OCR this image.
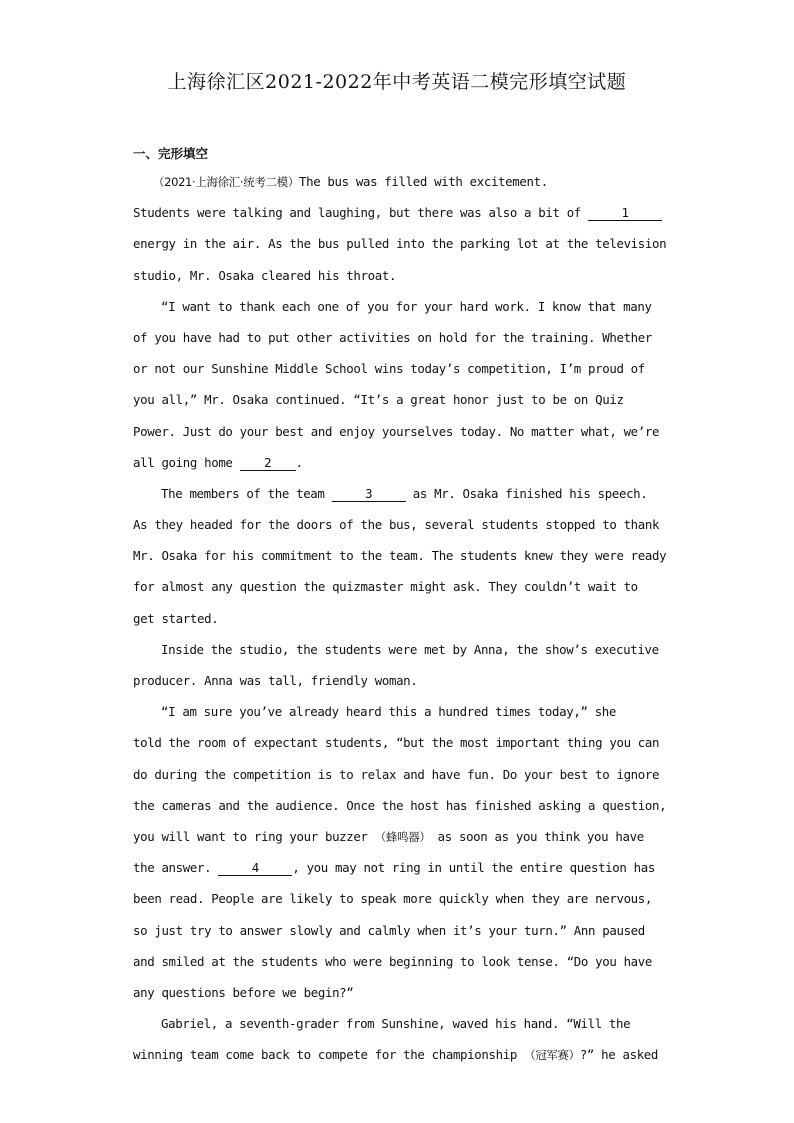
上海徐汇区2021-2022年中考英语二模完形填空试题
一、完形填空
（2021·上海徐汇·统考二模）The bus was filled with excitement.
Students were talking and laughing, but there was also a bit of	1
energy in the air. As the bus pulled into the parking lot at the television
studio, Mr. Osaka cleared his throat.
“I want to thank each one of you for your hard work. I know that many
of you have had to put other activities on hold for the training. Whether
or not our Sunshine Middle School wins today’s competition, I’m proud of
you all,” Mr. Osaka continued. “It’s a great honor just to be on Quiz
Power. Just do your best and enjoy yourselves today. No matter what, we’re
all going home	2 .
The members of the team	3	as Mr. Osaka finished his speech.
As they headed for the doors of the bus, several students stopped to thank
Mr. Osaka for his commitment to the team. The students knew they were ready
for almost any question the quizmaster might ask. They couldn’t wait to
get started.
Inside the studio, the students were met by Anna, the show’s executive
producer. Anna was tall, friendly woman.
“I am sure you’ve already heard this a hundred times today,” she
told the room of expectant students, “but the most important thing you can
do during the competition is to relax and have fun. Do your best to ignore
the cameras and the audience. Once the host has finished asking a question,
you will want to ring your buzzer （蜂鸣器） as soon as you think you have
the answer.	4	, you may not ring in until the entire question has
been read. People are likely to speak more quickly when they are nervous,
so just try to answer slowly and calmly when it’s your turn.” Ann paused
and smiled at the students who were beginning to look tense. “Do you have
any questions before we begin?”
Gabriel, a seventh-grader from Sunshine, waved his hand. “Will the
winning team come back to compete for the championship （冠军赛）?” he asked
